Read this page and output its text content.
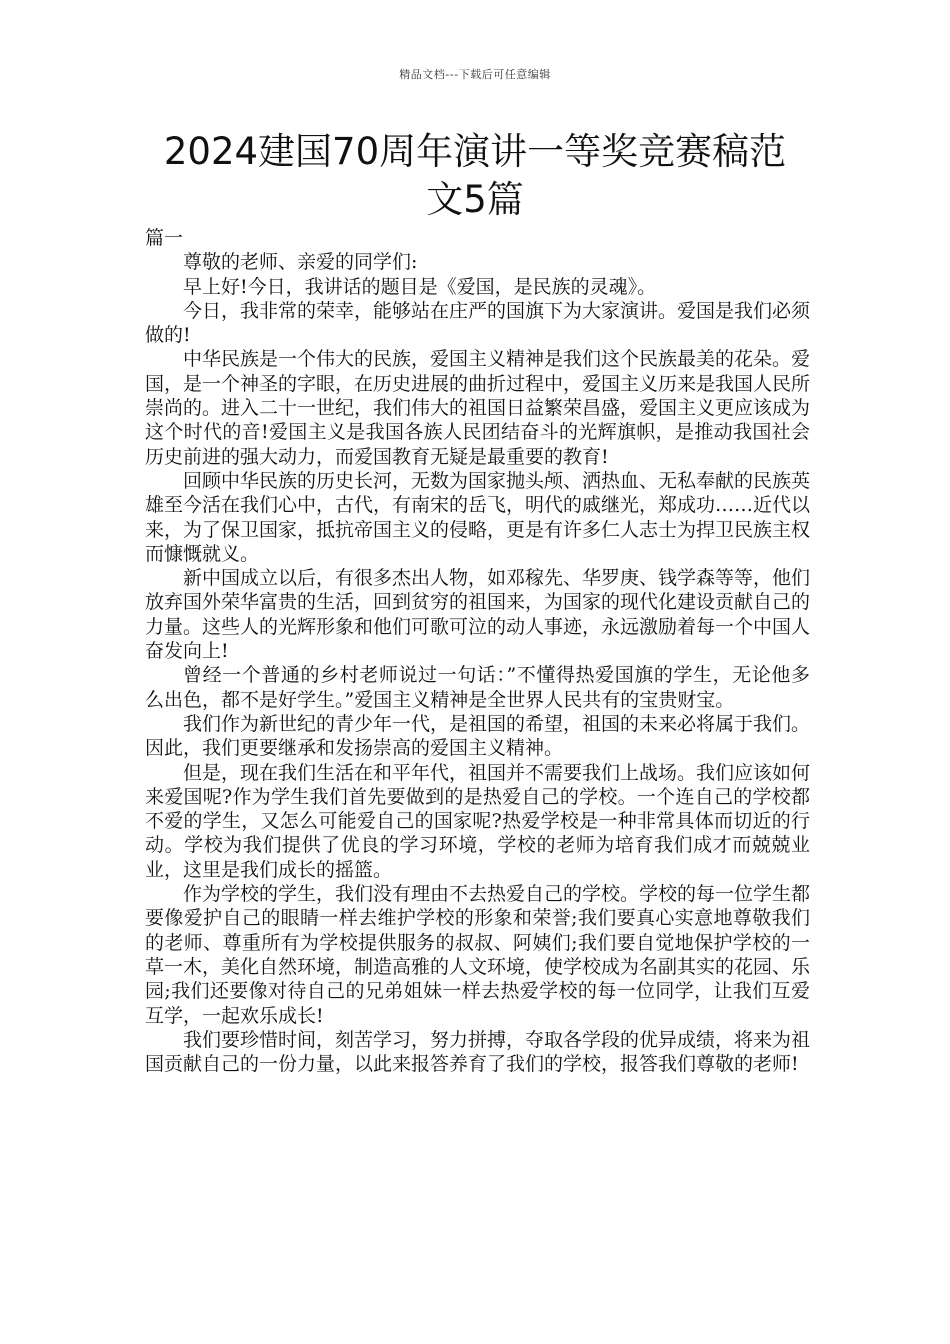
精品文档---下载后可任意编辑
2024建国70周年演讲一等奖竞赛稿范
文5篇

篇一

尊敬的老师、亲爱的同学们:

早上好!今日，我讲话的题目是《爱国，是民族的灵魂》。

今日，我非常的荣幸，能够站在庄严的国旗下为大家演讲。爱国是我们必须做的!

中华民族是一个伟大的民族，爱国主义精神是我们这个民族最美的花朵。爱国，是一个神圣的字眼，在历史进展的曲折过程中，爱国主义历来是我国人民所崇尚的。进入二十一世纪，我们伟大的祖国日益繁荣昌盛，爱国主义更应该成为这个时代的音!爱国主义是我国各族人民团结奋斗的光辉旗帜，是推动我国社会历史前进的强大动力，而爱国教育无疑是最重要的教育!

回顾中华民族的历史长河，无数为国家抛头颅、洒热血、无私奉献的民族英雄至今活在我们心中，古代，有南宋的岳飞，明代的戚继光，郑成功……近代以来，为了保卫国家，抵抗帝国主义的侵略，更是有许多仁人志士为捍卫民族主权而慷慨就义。

新中国成立以后，有很多杰出人物，如邓稼先、华罗庚、钱学森等等，他们放弃国外荣华富贵的生活，回到贫穷的祖国来，为国家的现代化建设贡献自己的力量。这些人的光辉形象和他们可歌可泣的动人事迹，永远激励着每一个中国人奋发向上!

曾经一个普通的乡村老师说过一句话：”不懂得热爱国旗的学生，无论他多么出色，都不是好学生。”爱国主义精神是全世界人民共有的宝贵财宝。

我们作为新世纪的青少年一代，是祖国的希望，祖国的未来必将属于我们。因此，我们更要继承和发扬崇高的爱国主义精神。

但是，现在我们生活在和平年代，祖国并不需要我们上战场。我们应该如何来爱国呢?作为学生我们首先要做到的是热爱自己的学校。一个连自己的学校都不爱的学生，又怎么可能爱自己的国家呢?热爱学校是一种非常具体而切近的行动。学校为我们提供了优良的学习环境，学校的老师为培育我们成才而兢兢业业，这里是我们成长的摇篮。

作为学校的学生，我们没有理由不去热爱自己的学校。学校的每一位学生都要像爱护自己的眼睛一样去维护学校的形象和荣誉;我们要真心实意地尊敬我们的老师、尊重所有为学校提供服务的叔叔、阿姨们;我们要自觉地保护学校的一草一木，美化自然环境，制造高雅的人文环境，使学校成为名副其实的花园、乐园;我们还要像对待自己的兄弟姐妹一样去热爱学校的每一位同学，让我们互爱互学，一起欢乐成长!

我们要珍惜时间，刻苦学习，努力拼搏，夺取各学段的优异成绩，将来为祖国贡献自己的一份力量，以此来报答养育了我们的学校，报答我们尊敬的老师!
